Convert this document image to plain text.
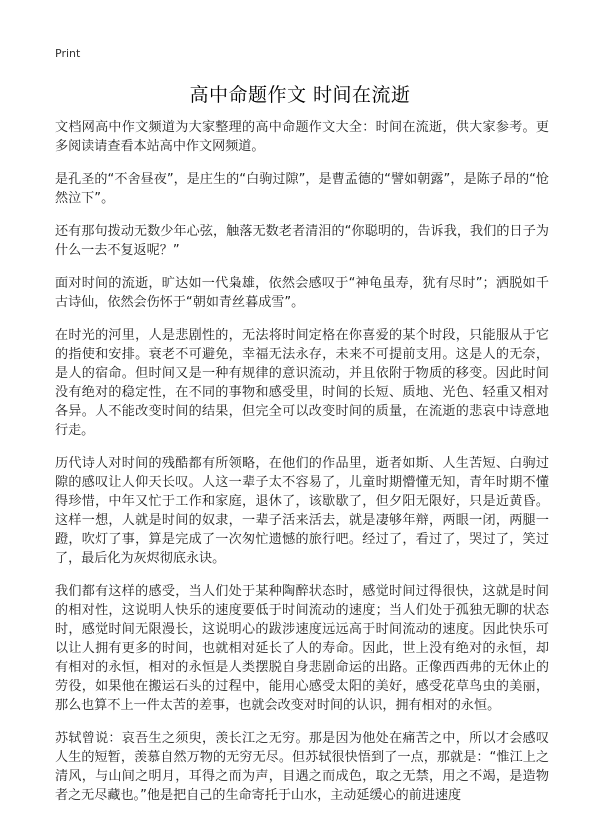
Print
高中命题作文 时间在流逝

文档网高中作文频道为大家整理的高中命题作文大全：时间在流逝，供大家参考。更多阅读请查看本站高中作文网频道。

是孔圣的“不舍昼夜”，是庄生的“白驹过隙”，是曹孟德的“譬如朝露”，是陈子昂的“怆然泣下”。

还有那句拨动无数少年心弦，触落无数老者清泪的“你聪明的，告诉我，我们的日子为什么一去不复返呢？”

面对时间的流逝，旷达如一代枭雄，依然会感叹于“神龟虽寿，犹有尽时”；洒脱如千古诗仙，依然会伤怀于“朝如青丝暮成雪”。

在时光的河里，人是悲剧性的，无法将时间定格在你喜爱的某个时段，只能服从于它的指使和安排。衰老不可避免，幸福无法永存，未来不可提前支用。这是人的无奈，是人的宿命。但时间又是一种有规律的意识流动，并且依附于物质的移变。因此时间没有绝对的稳定性，在不同的事物和感受里，时间的长短、质地、光色、轻重又相对各异。人不能改变时间的结果，但完全可以改变时间的质量，在流逝的悲哀中诗意地行走。

历代诗人对时间的残酷都有所领略，在他们的作品里，逝者如斯、人生苦短、白驹过隙的感叹让人仰天长叹。人这一辈子太不容易了，儿童时期懵懂无知，青年时期不懂得珍惜，中年又忙于工作和家庭，退休了，该歇歇了，但夕阳无限好，只是近黄昏。这样一想，人就是时间的奴隶，一辈子活来活去，就是凄够年辩，两眼一闭，两腿一蹬，吹灯了事，算是完成了一次匆忙遗憾的旅行吧。经过了，看过了，哭过了，笑过了，最后化为灰烬彻底永诀。

我们都有这样的感受，当人们处于某种陶醉状态时，感觉时间过得很快，这就是时间的相对性，这说明人快乐的速度要低于时间流动的速度；当人们处于孤独无聊的状态时，感觉时间无限漫长，这说明心的跋涉速度远远高于时间流动的速度。因此快乐可以让人拥有更多的时间，也就相对延长了人的寿命。因此，世上没有绝对的永恒，却有相对的永恒，相对的永恒是人类摆脱自身悲剧命运的出路。正像西西弗的无休止的劳役，如果他在搬运石头的过程中，能用心感受太阳的美好，感受花草鸟虫的美丽，那么也算不上一件太苦的差事，也就会改变对时间的认识，拥有相对的永恒。

苏轼曾说：哀吾生之须臾，羡长江之无穷。那是因为他处在痛苦之中，所以才会感叹人生的短暂，羡慕自然万物的无穷无尽。但苏轼很快悟到了一点，那就是：“惟江上之清风，与山间之明月，耳得之而为声，目遇之而成色，取之无禁，用之不竭，是造物者之无尽藏也。”他是把自己的生命寄托于山水，主动延缓心的前进速度
